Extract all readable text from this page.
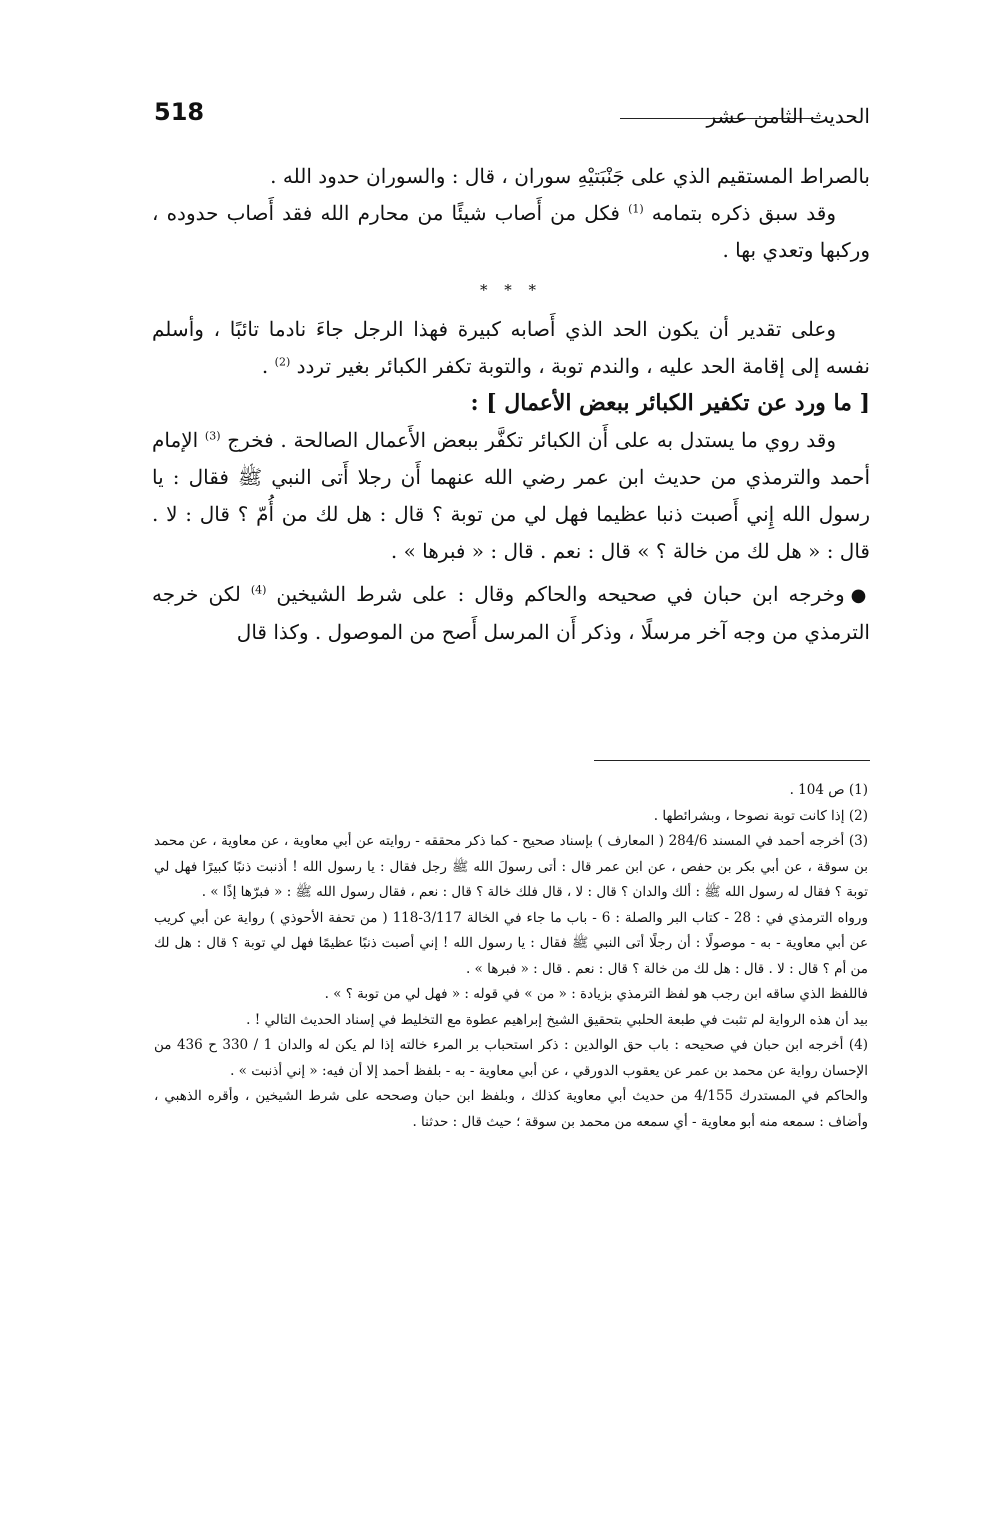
518	الحديث الثامن عشر

بالصراط المستقيم الذي على جَنْبَتيْهِ سوران ، قال : والسوران حدود الله .

وقد سبق ذكره بتمامه $^{(1)}$ فكل من أَصاب شيئًا من محارم الله فقد أَصاب حدوده ، وركبها وتعدي بها .

* * *

وعلى تقدير أن يكون الحد الذي أَصابه كبيرة فهذا الرجل جاءَ نادما تائبًا ، وأسلم نفسه إلى إقامة الحد عليه ، والندم توبة ، والتوبة تكفر الكبائر بغير تردد $^{(2)}$ .

[ ما ورد عن تكفير الكبائر ببعض الأعمال ] :

وقد روي ما يستدل به على أَن الكبائر تكفَّر ببعض الأَعمال الصالحة . فخرج $^{(3)}$ الإمام أحمد والترمذي من حديث ابن عمر رضي الله عنهما أَن رجلا أَتى النبي ﷺ فقال : يا رسول الله إِني أَصبت ذنبا عظيما فهل لي من توبة ؟ قال : هل لك من أُمّ ؟ قال : لا . قال : « هل لك من خالة ؟ » قال : نعم . قال : « فبرها » .

●وخرجه ابن حبان في صحيحه والحاكم وقال : على شرط الشيخين $^{(4)}$ لكن خرجه الترمذي من وجه آخر مرسلًا ، وذكر أَن المرسل أَصح من الموصول . وكذا قال

(1) ص 104 .

(2) إذا كانت توبة نصوحا ، وبشرائطها .

(3) أخرجه أحمد في المسند 284/6 ( المعارف ) بإسناد صحيح - كما ذكر محققه - روايته عن أبي معاوية ، عن معاوية ، عن محمد بن سوقة ، عن أبي بكر بن حفص ، عن ابن عمر قال : أتى رسولَ الله ﷺ رجل فقال : يا رسول الله ! أذنبت ذنبًا كبيرًا فهل لي توبة ؟ فقال له رسول الله ﷺ : ألك والدان ؟ قال : لا ، قال فلك خالة ؟ قال : نعم ، فقال رسول الله ﷺ : « فبرّها إذًا » .

ورواه الترمذي في : 28 - كتاب البر والصلة : 6 - باب ما جاء في الخالة 3/117-118 ( من تحفة الأحوذي ) رواية عن أبي كريب عن أبي معاوية - به - موصولًا : أن رجلًا أتى النبي ﷺ فقال : يا رسول الله ! إني أصبت ذنبًا عظيمًا فهل لي توبة ؟ قال : هل لك من أم ؟ قال : لا . قال : هل لك من خالة ؟ قال : نعم . قال : « فبرها » .

فاللفظ الذي ساقه ابن رجب هو لفظ الترمذي بزيادة : « من » في قوله : « فهل لي من توبة ؟ » .

بيد أن هذه الرواية لم تثبت في طبعة الحلبي بتحقيق الشيخ إبراهيم عطوة مع التخليط في إسناد الحديث التالي ! .

(4) أخرجه ابن حبان في صحيحه : باب حق الوالدين : ذكر استحباب بر المرء خالته إذا لم يكن له والدان 1 / 330 ح 436 من الإحسان رواية عن محمد بن عمر عن يعقوب الدورقي ، عن أبي معاوية - به - بلفظ أحمد إلا أن فيه: « إني أذنبت » .

والحاكم في المستدرك 4/155 من حديث أبي معاوية كذلك ، وبلفظ ابن حبان وصححه على شرط الشيخين ، وأقره الذهبي ، وأضاف : سمعه منه أبو معاوية - أي سمعه من محمد بن سوقة ؛ حيث قال : حدثنا .
